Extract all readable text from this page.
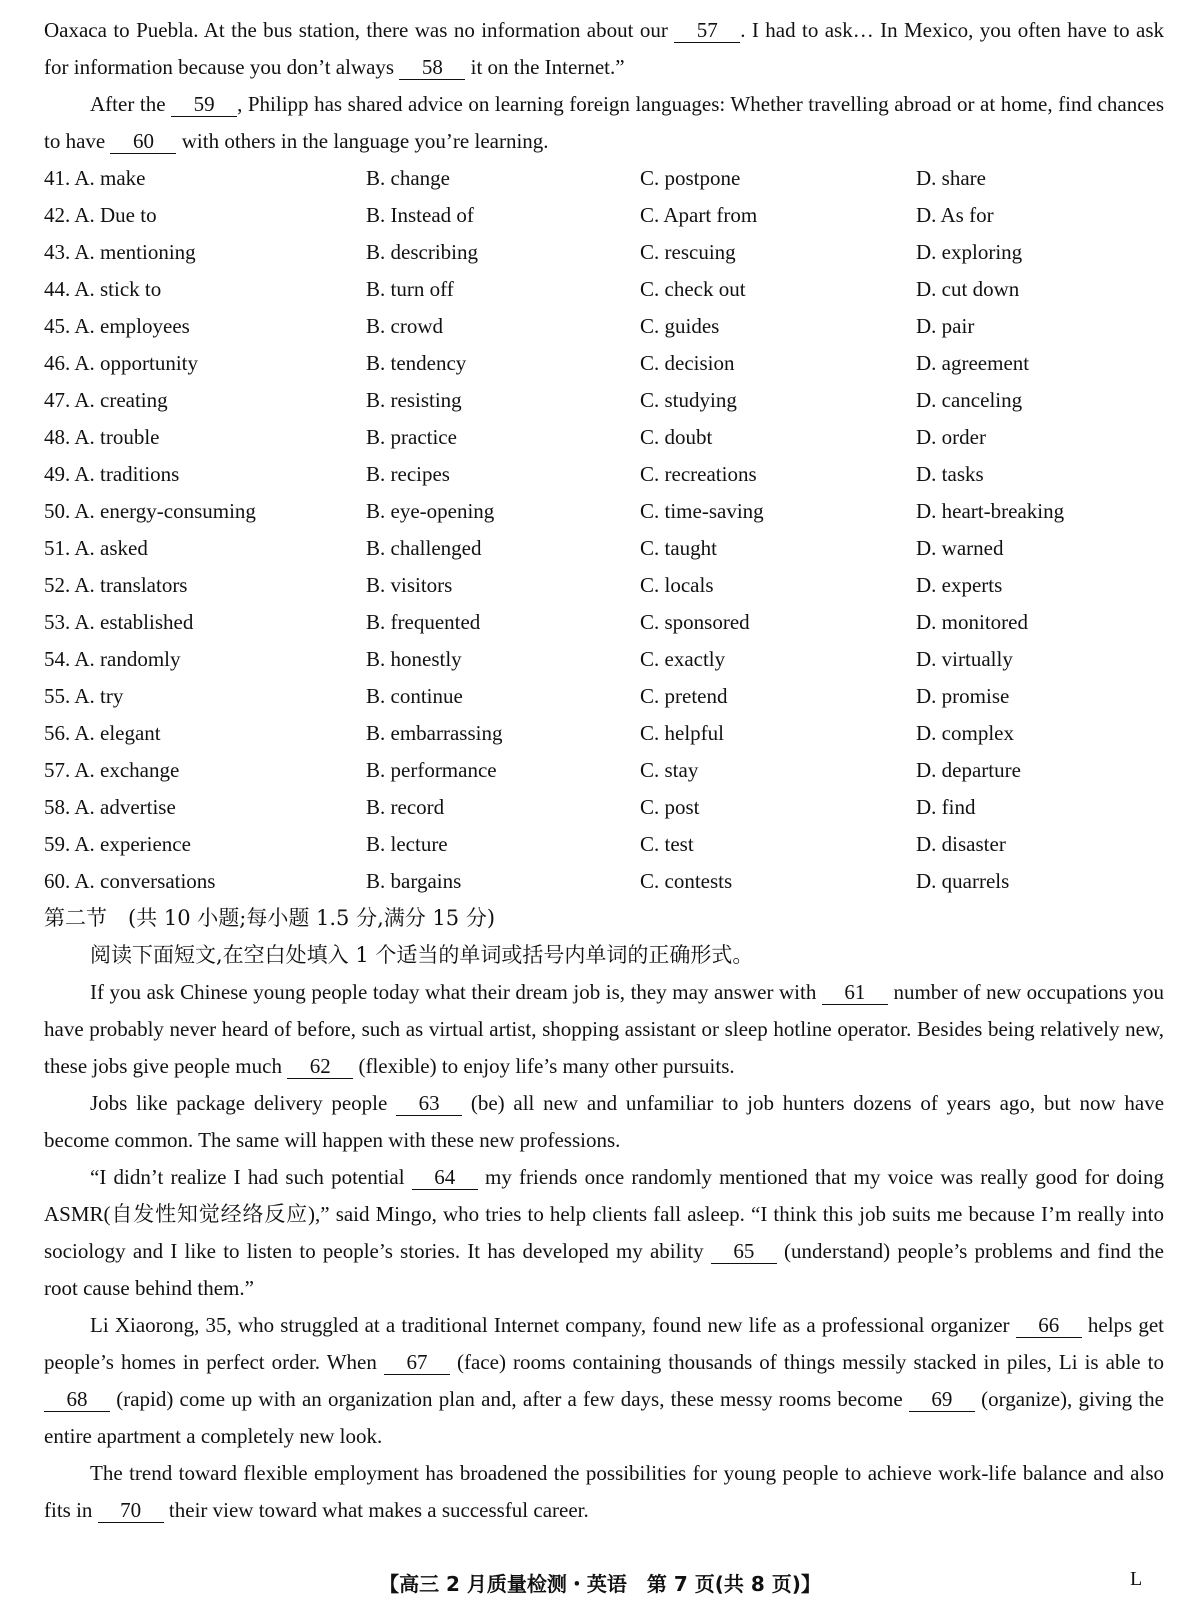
Oaxaca to Puebla. At the bus station, there was no information about our 57 . I had to ask… In Mexico, you often have to ask for information because you don’t always 58 it on the Internet.”

After the 59 , Philipp has shared advice on learning foreign languages: Whether travelling abroad or at home, find chances to have 60 with others in the language you’re learning.

41. A. make	B. change	C. postpone	D. share
42. A. Due to	B. Instead of	C. Apart from	D. As for
43. A. mentioning	B. describing	C. rescuing	D. exploring
44. A. stick to	B. turn off	C. check out	D. cut down
45. A. employees	B. crowd	C. guides	D. pair
46. A. opportunity	B. tendency	C. decision	D. agreement
47. A. creating	B. resisting	C. studying	D. canceling
48. A. trouble	B. practice	C. doubt	D. order
49. A. traditions	B. recipes	C. recreations	D. tasks
50. A. energy-consuming	B. eye-opening	C. time-saving	D. heart-breaking
51. A. asked	B. challenged	C. taught	D. warned
52. A. translators	B. visitors	C. locals	D. experts
53. A. established	B. frequented	C. sponsored	D. monitored
54. A. randomly	B. honestly	C. exactly	D. virtually
55. A. try	B. continue	C. pretend	D. promise
56. A. elegant	B. embarrassing	C. helpful	D. complex
57. A. exchange	B. performance	C. stay	D. departure
58. A. advertise	B. record	C. post	D. find
59. A. experience	B. lecture	C. test	D. disaster
60. A. conversations	B. bargains	C. contests	D. quarrels
第二节　(共 10 小题;每小题 1.5 分,满分 15 分)

阅读下面短文,在空白处填入 1 个适当的单词或括号内单词的正确形式。

If you ask Chinese young people today what their dream job is, they may answer with 61 number of new occupations you have probably never heard of before, such as virtual artist, shopping assistant or sleep hotline operator. Besides being relatively new, these jobs give people much 62 (flexible) to enjoy life’s many other pursuits.

Jobs like package delivery people 63 (be) all new and unfamiliar to job hunters dozens of years ago, but now have become common. The same will happen with these new professions.

“I didn’t realize I had such potential 64 my friends once randomly mentioned that my voice was really good for doing ASMR(自发性知觉经络反应),” said Mingo, who tries to help clients fall asleep. “I think this job suits me because I’m really into sociology and I like to listen to people’s stories. It has developed my ability 65 (understand) people’s problems and find the root cause behind them.”

Li Xiaorong, 35, who struggled at a traditional Internet company, found new life as a professional organizer 66 helps get people’s homes in perfect order. When 67 (face) rooms containing thousands of things messily stacked in piles, Li is able to 68 (rapid) come up with an organization plan and, after a few days, these messy rooms become 69 (organize), giving the entire apartment a completely new look.

The trend toward flexible employment has broadened the possibilities for young people to achieve work-life balance and also fits in 70 their view toward what makes a successful career.

【高三 2 月质量检测・英语　第 7 页(共 8 页)】	L
